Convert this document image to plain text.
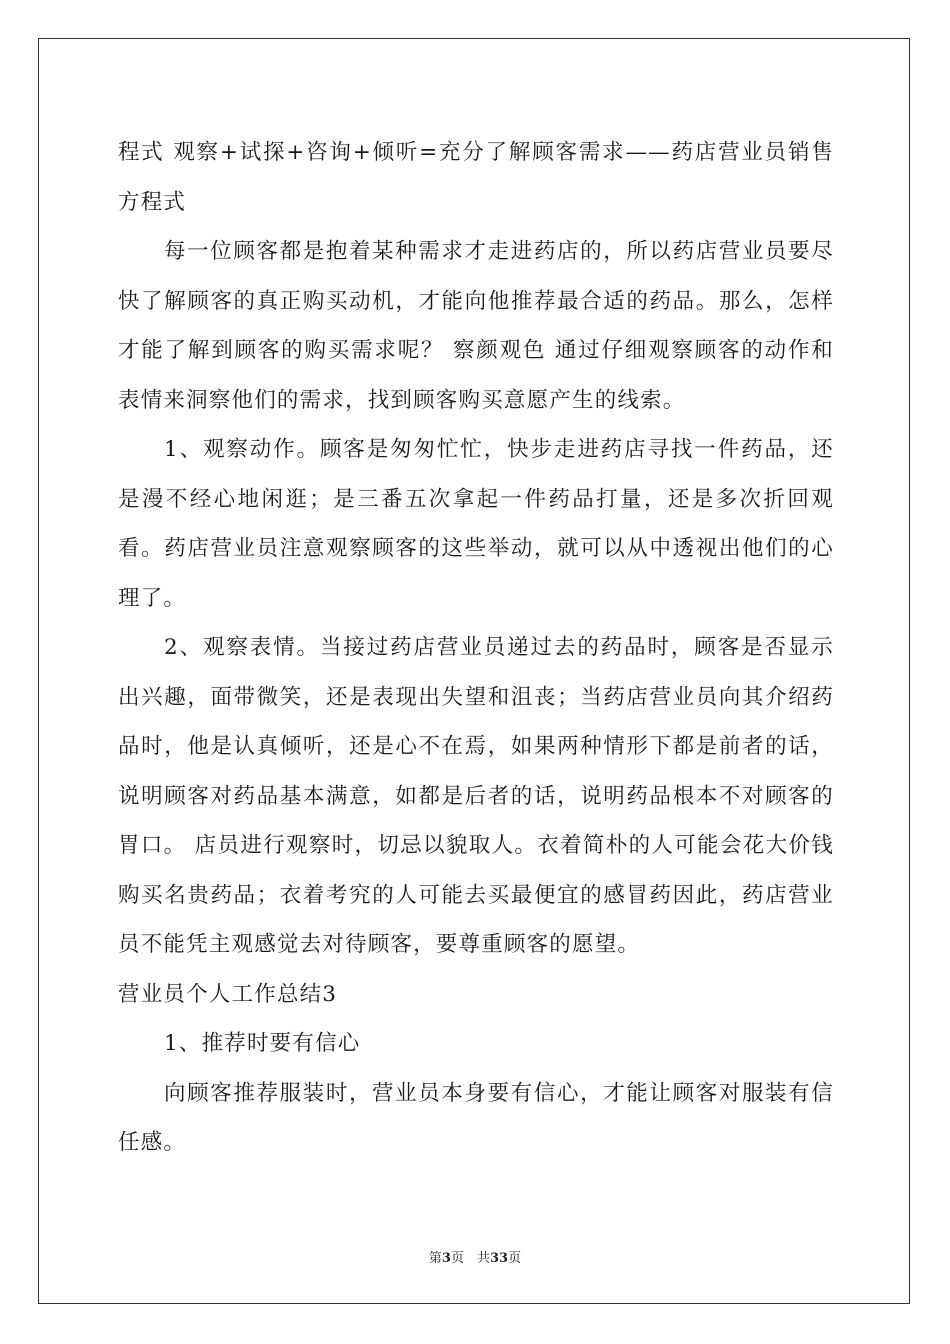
程式 观察+试探+咨询+倾听=充分了解顾客需求——药店营业员销售方程式

每一位顾客都是抱着某种需求才走进药店的，所以药店营业员要尽快了解顾客的真正购买动机，才能向他推荐最合适的药品。那么，怎样才能了解到顾客的购买需求呢？ 察颜观色 通过仔细观察顾客的动作和表情来洞察他们的需求，找到顾客购买意愿产生的线索。

1、观察动作。顾客是匆匆忙忙，快步走进药店寻找一件药品，还是漫不经心地闲逛；是三番五次拿起一件药品打量，还是多次折回观看。药店营业员注意观察顾客的这些举动，就可以从中透视出他们的心理了。

2、观察表情。当接过药店营业员递过去的药品时，顾客是否显示出兴趣，面带微笑，还是表现出失望和沮丧；当药店营业员向其介绍药品时，他是认真倾听，还是心不在焉，如果两种情形下都是前者的话，说明顾客对药品基本满意，如都是后者的话，说明药品根本不对顾客的胃口。 店员进行观察时，切忌以貌取人。衣着简朴的人可能会花大价钱购买名贵药品；衣着考究的人可能去买最便宜的感冒药因此，药店营业员不能凭主观感觉去对待顾客，要尊重顾客的愿望。

营业员个人工作总结3

1、推荐时要有信心

向顾客推荐服装时，营业员本身要有信心，才能让顾客对服装有信任感。

第3页　共33页
